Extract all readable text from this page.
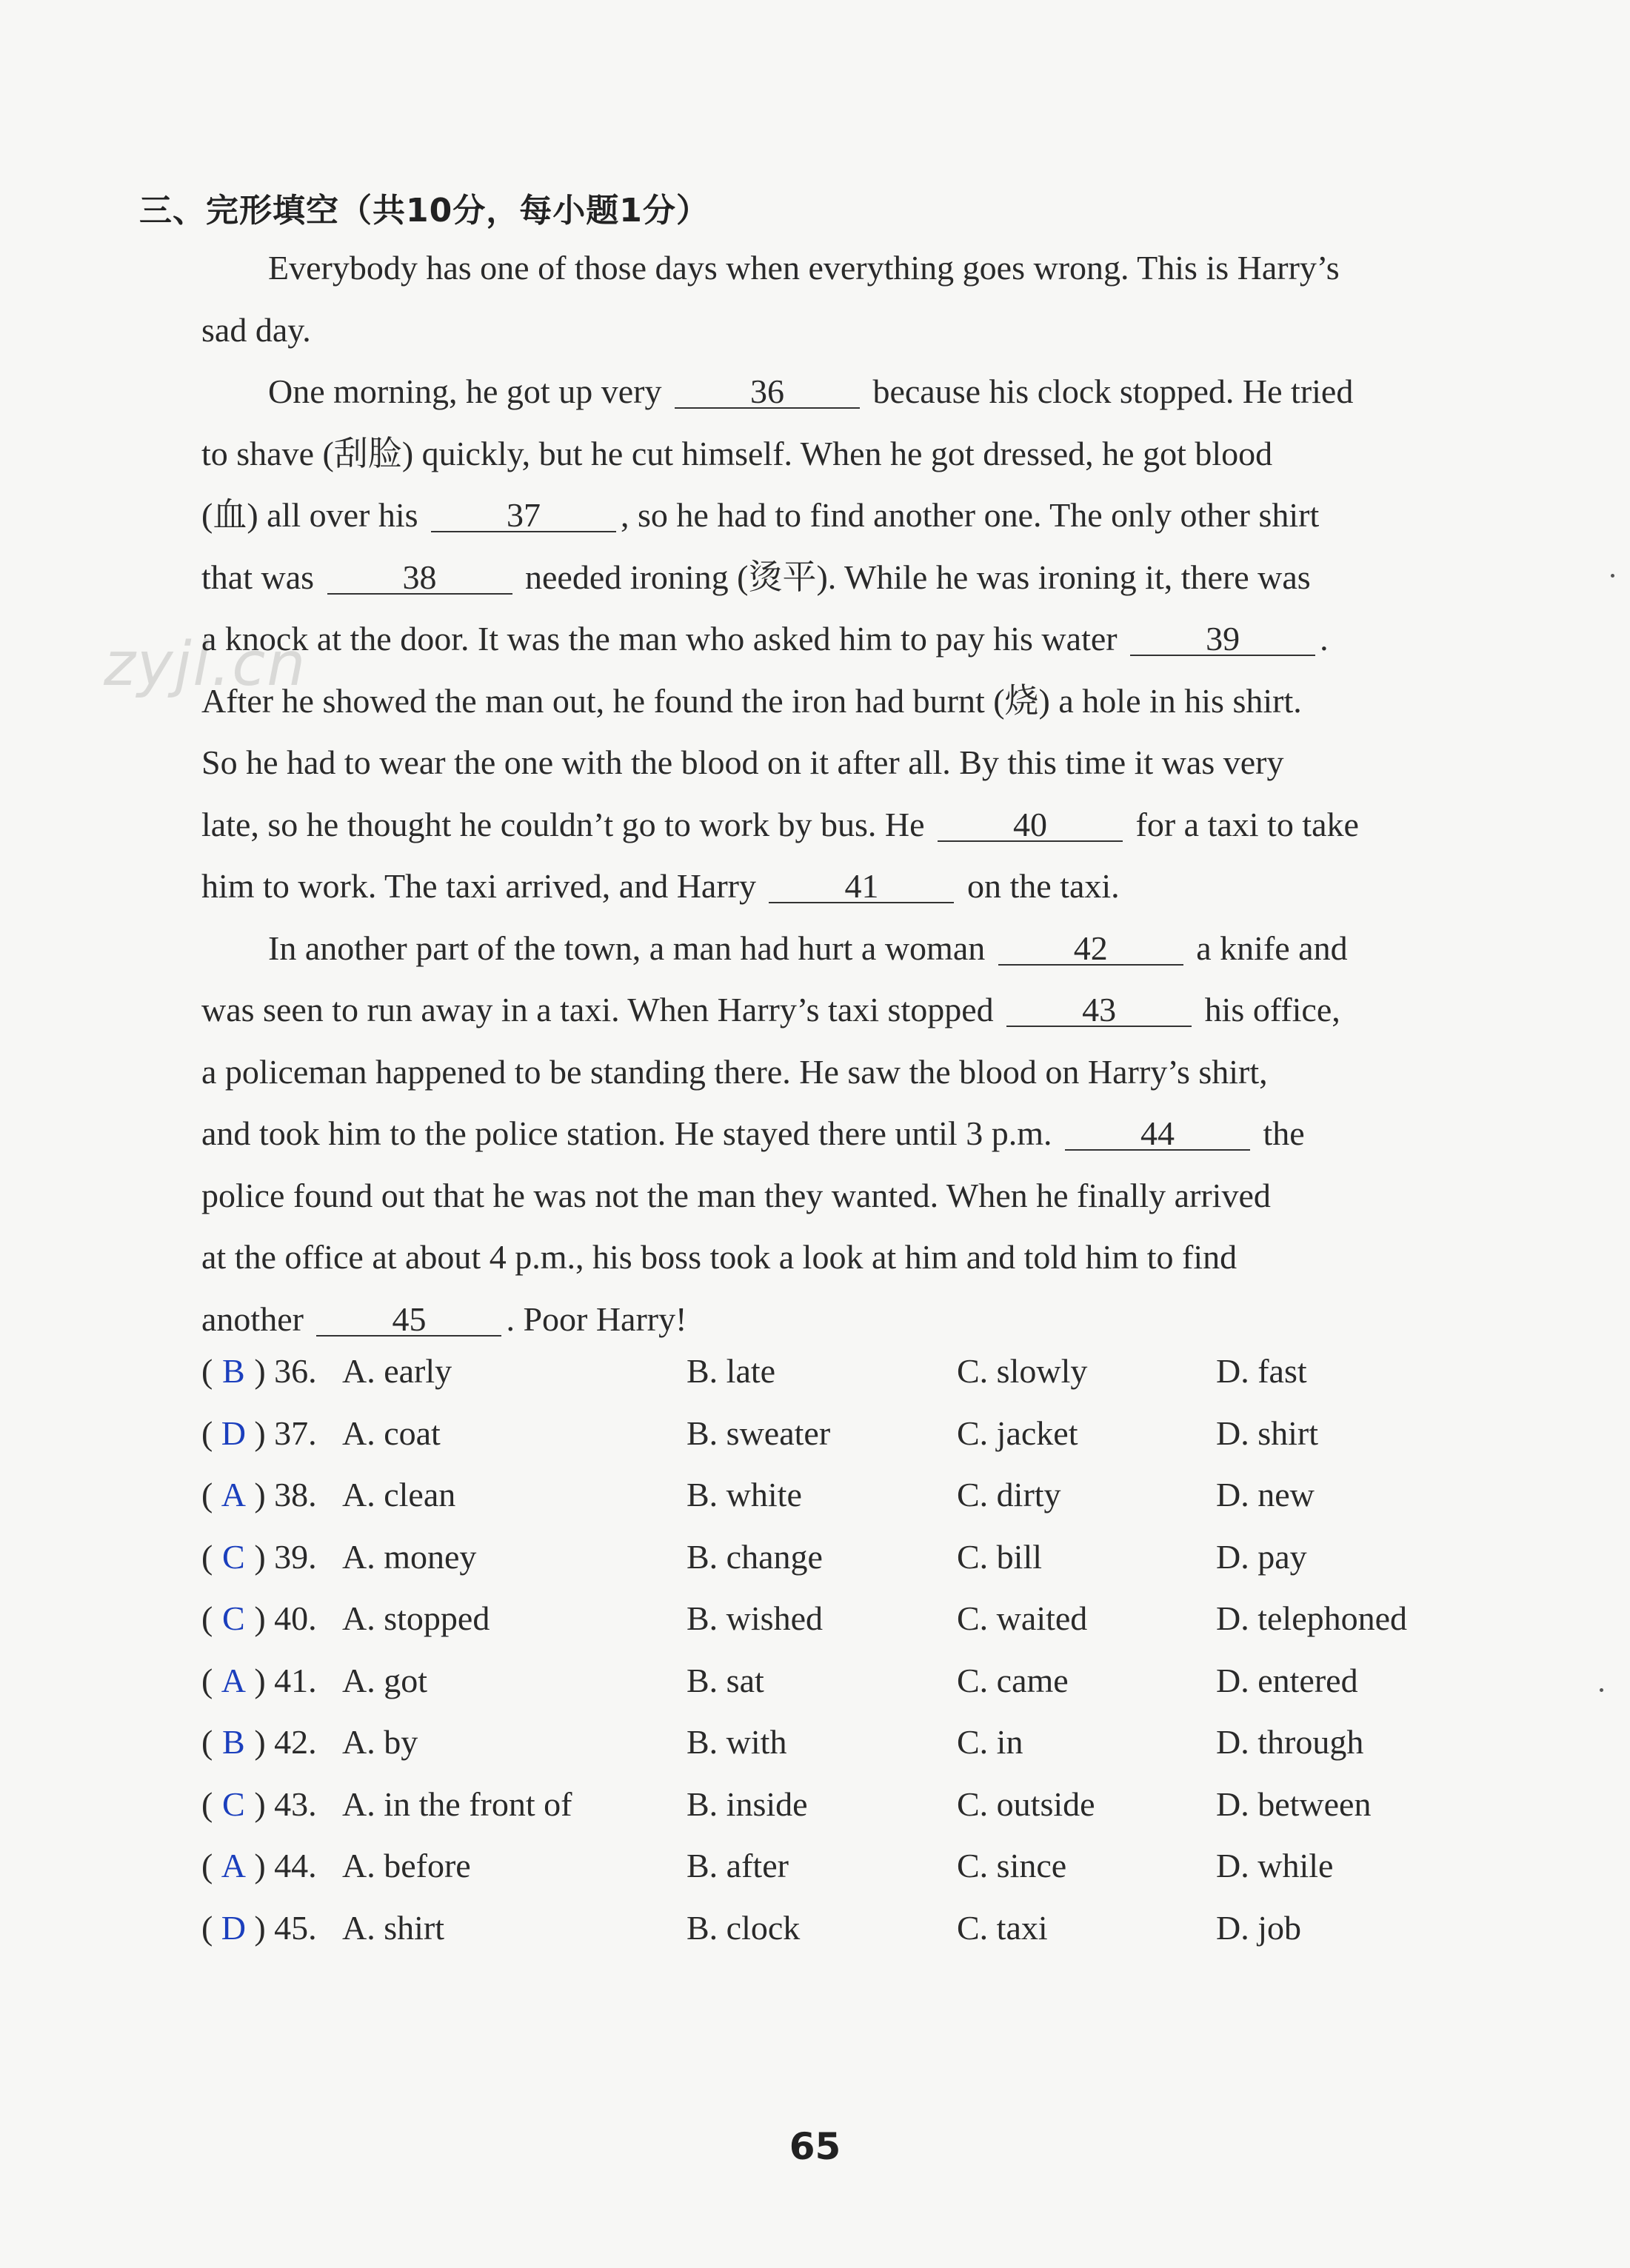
三、完形填空（共10分，每小题1分）
zyjl.cn
Everybody has one of those days when everything goes wrong. This is Harry’s
sad day.
One morning, he got up very 36 because his clock stopped. He tried
to shave (刮脸) quickly, but he cut himself. When he got dressed, he got blood
(血) all over his 37 , so he had to find another one. The only other shirt
that was 38 needed ironing (烫平). While he was ironing it, there was
a knock at the door. It was the man who asked him to pay his water 39 .
After he showed the man out, he found the iron had burnt (烧) a hole in his shirt.
So he had to wear the one with the blood on it after all. By this time it was very
late, so he thought he couldn’t go to work by bus. He 40 for a taxi to take
him to work. The taxi arrived, and Harry 41 on the taxi.
In another part of the town, a man had hurt a woman 42 a knife and
was seen to run away in a taxi. When Harry’s taxi stopped 43 his office,
a policeman happened to be standing there. He saw the blood on Harry’s shirt,
and took him to the police station. He stayed there until 3 p.m. 44 the
police found out that he was not the man they wanted. When he finally arrived
at the office at about 4 p.m., his boss took a look at him and told him to find
another 45 . Poor Harry!
( B ) 36. A. early	B. late	C. slowly	D. fast
( D ) 37. A. coat	B. sweater	C. jacket	D. shirt
( A ) 38. A. clean	B. white	C. dirty	D. new
( C ) 39. A. money	B. change	C. bill	D. pay
( C ) 40. A. stopped	B. wished	C. waited	D. telephoned
( A ) 41. A. got	B. sat	C. came	D. entered
( B ) 42. A. by	B. with	C. in	D. through
( C ) 43. A. in the front of	B. inside	C. outside	D. between
( A ) 44. A. before	B. after	C. since	D. while
( D ) 45. A. shirt	B. clock	C. taxi	D. job
65
